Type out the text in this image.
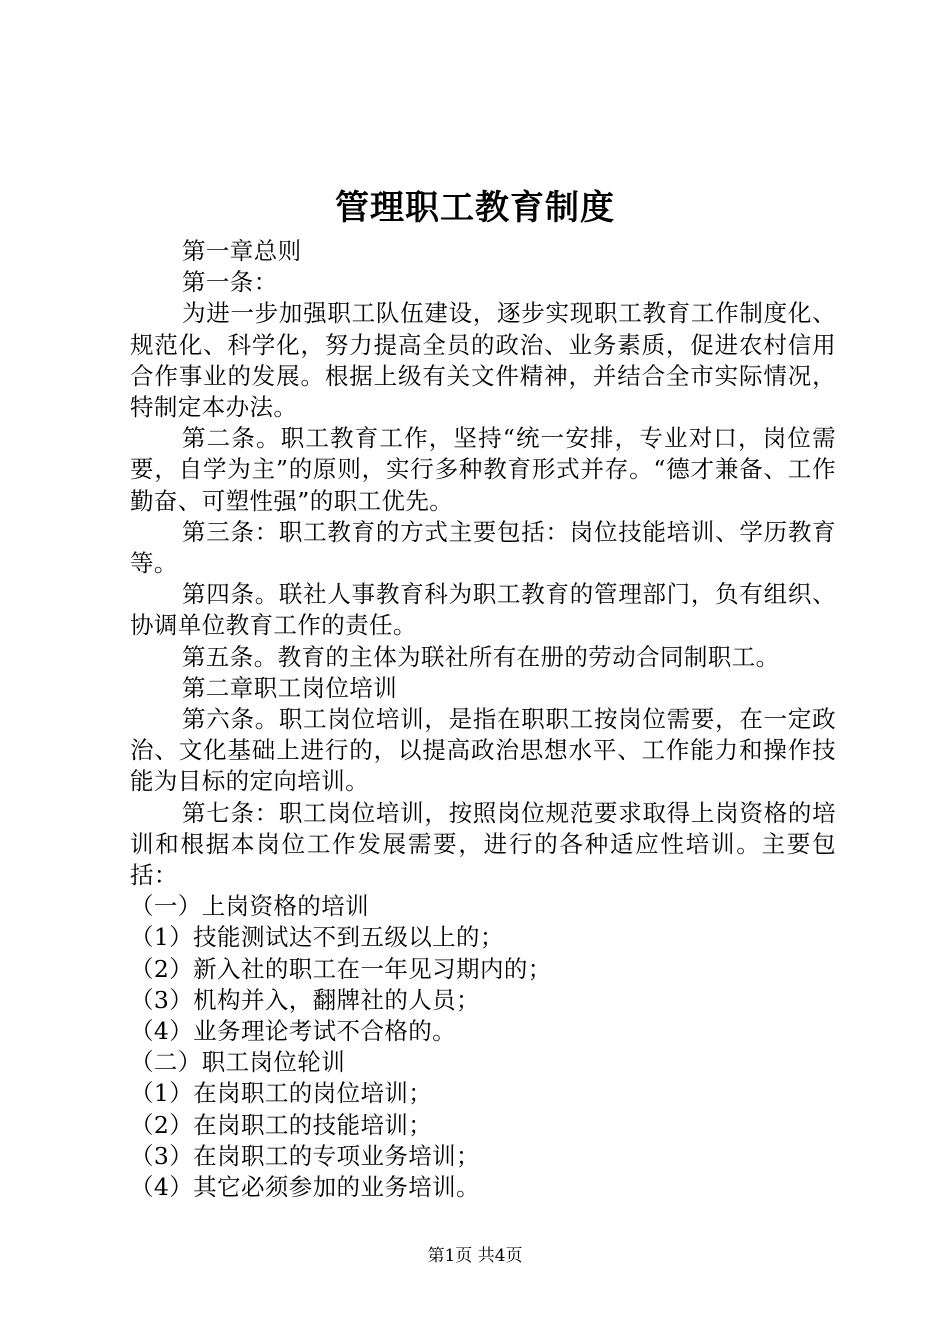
管理职工教育制度

第一章总则

第一条：

为进一步加强职工队伍建设，逐步实现职工教育工作制度化、规范化、科学化，努力提高全员的政治、业务素质，促进农村信用合作事业的发展。根据上级有关文件精神，并结合全市实际情况，特制定本办法。

第二条。职工教育工作，坚持“统一安排，专业对口，岗位需要，自学为主”的原则，实行多种教育形式并存。“德才兼备、工作勤奋、可塑性强”的职工优先。

第三条：职工教育的方式主要包括：岗位技能培训、学历教育等。

第四条。联社人事教育科为职工教育的管理部门，负有组织、协调单位教育工作的责任。

第五条。教育的主体为联社所有在册的劳动合同制职工。

第二章职工岗位培训

第六条。职工岗位培训，是指在职职工按岗位需要，在一定政治、文化基础上进行的，以提高政治思想水平、工作能力和操作技能为目标的定向培训。

第七条：职工岗位培训，按照岗位规范要求取得上岗资格的培训和根据本岗位工作发展需要，进行的各种适应性培训。主要包括：

（一）上岗资格的培训

（1）技能测试达不到五级以上的；

（2）新入社的职工在一年见习期内的；

（3）机构并入，翻牌社的人员；

（4）业务理论考试不合格的。

（二）职工岗位轮训

（1）在岗职工的岗位培训；

（2）在岗职工的技能培训；

（3）在岗职工的专项业务培训；

（4）其它必须参加的业务培训。

第1页 共4页
